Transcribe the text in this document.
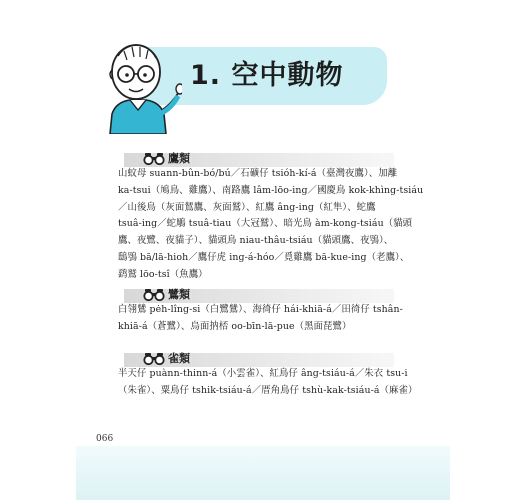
1. 空中動物
鷹類

山蚊母 suann-bûn-bó/bú／石礦仔 tsióh-kí-á（臺灣夜鷹）、加離
ka-tsui（鳩鳥、雞鷹）、南路鷹 lâm-lōo-ing／國慶鳥 kok-khìng-tsiáu
／山後鳥（灰面鵟鷹、灰面鷲）、紅鷹 âng-ing（紅隼）、蛇鷹
tsuâ-ing／蛇鵰 tsuâ-tiau（大冠鷲）、暗光鳥 àm-kong-tsiáu（貓頭
鷹、夜鷺、夜貓子）、貓頭鳥 niau-thâu-tsiáu（貓頭鷹、夜鴞）、
鴟鴞 bā/lā-hioh／鷹仔虎 ing-á-hóo／覓雞鷹 bā-kue-ing（老鷹）、
鹞鷲 lōo-tsî（魚鷹）

鷺類

白翎鷥 pėh-lîng-si（白鷺鷥）、海徛仔 hái-khiā-á／田徛仔 tshân-
khiā-á（蒼鷺）、烏面抐桮 oo-bīn-lā-pue（黑面琵鷺）

雀類

半天仔 puànn-thinn-á（小雲雀）、紅鳥仔 âng-tsiáu-á／朱衣 tsu-i
（朱雀）、粟鳥仔 tshik-tsiáu-á／厝角鳥仔 tshù-kak-tsiáu-á（麻雀）

066
